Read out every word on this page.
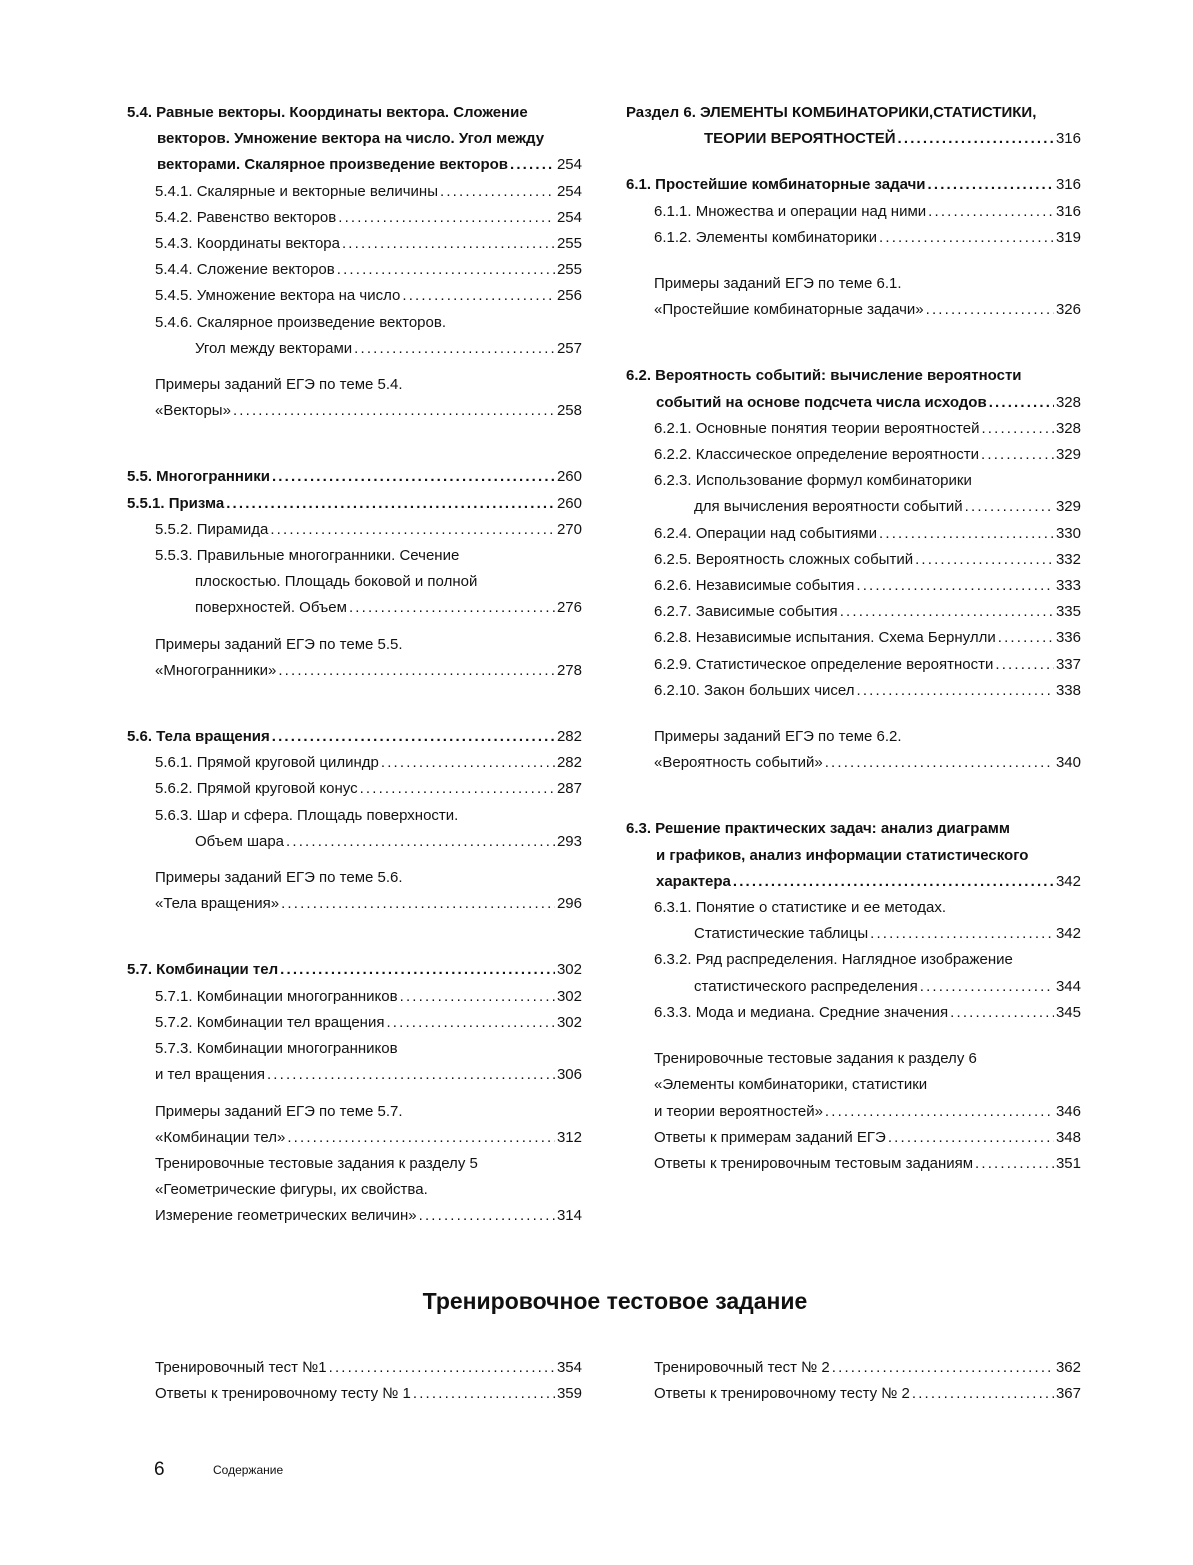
5.4. Равные векторы. Координаты вектора. Сложение
векторов. Умножение вектора на число. Угол между
векторами. Скалярное произведение векторов . . .	254
5.4.1. Скалярные и векторные величины . . .	254
5.4.2. Равенство векторов . . .	254
5.4.3. Координаты вектора . . .	255
5.4.4. Сложение векторов . . .	255
5.4.5. Умножение вектора на число . . .	256
5.4.6. Скалярное произведение векторов.
Угол между векторами . . .	257
Примеры заданий ЕГЭ по теме 5.4.
«Векторы» . . .	258
5.5. Многогранники . . .	260
5.5.1. Призма . . .	260
5.5.2. Пирамида . . .	270
5.5.3. Правильные многогранники. Сечение
плоскостью. Площадь боковой и полной
поверхностей. Объем . . .	276
Примеры заданий ЕГЭ по теме 5.5.
«Многогранники» . . .	278
5.6. Тела вращения . . .	282
5.6.1. Прямой круговой цилиндр . . .	282
5.6.2. Прямой круговой конус . . .	287
5.6.3. Шар и сфера. Площадь поверхности.
Объем шара . . .	293
Примеры заданий ЕГЭ по теме 5.6.
«Тела вращения» . . .	296
5.7. Комбинации тел . . .	302
5.7.1. Комбинации многогранников . . .	302
5.7.2. Комбинации тел вращения . . .	302
5.7.3. Комбинации многогранников
и тел вращения . . .	306
Примеры заданий ЕГЭ по теме 5.7.
«Комбинации тел» . . .	312
Тренировочные тестовые задания к разделу 5
«Геометрические фигуры, их свойства.
Измерение геометрических величин» . . .	314
Раздел 6. ЭЛЕМЕНТЫ КОМБИНАТОРИКИ,СТАТИСТИКИ,
ТЕОРИИ ВЕРОЯТНОСТЕЙ . . .	316
6.1. Простейшие комбинаторные задачи . . .	316
6.1.1. Множества и операции над ними . . .	316
6.1.2. Элементы комбинаторики . . .	319
Примеры заданий ЕГЭ по теме 6.1.
«Простейшие комбинаторные задачи» . . .	326
6.2. Вероятность событий: вычисление вероятности
событий на основе подсчета числа исходов . . .	328
6.2.1. Основные понятия теории вероятностей . . .	328
6.2.2. Классическое определение вероятности . . .	329
6.2.3. Использование формул комбинаторики
для вычисления вероятности событий . . .	329
6.2.4. Операции над событиями . . .	330
6.2.5. Вероятность сложных событий . . .	332
6.2.6. Независимые события . . .	333
6.2.7. Зависимые события . . .	335
6.2.8. Независимые испытания. Схема Бернулли . . .	336
6.2.9. Статистическое определение вероятности . . .	337
6.2.10. Закон больших чисел . . .	338
Примеры заданий ЕГЭ по теме 6.2.
«Вероятность событий» . . .	340
6.3. Решение практических задач: анализ диаграмм
и графиков, анализ информации статистического
характера . . .	342
6.3.1. Понятие о статистике и ее методах.
Статистические таблицы . . .	342
6.3.2. Ряд распределения. Наглядное изображение
статистического распределения . . .	344
6.3.3. Мода и медиана. Средние значения . . .	345
Тренировочные тестовые задания к разделу 6
«Элементы комбинаторики, статистики
и теории вероятностей» . . .	346
Ответы к примерам заданий ЕГЭ . . .	348
Ответы к тренировочным тестовым заданиям . . .	351
Тренировочное тестовое задание
Тренировочный тест №1 . . .	354
Ответы к тренировочному тесту № 1 . . .	359
Тренировочный тест № 2 . . .	362
Ответы к тренировочному тесту № 2 . . .	367
6	Содержание
